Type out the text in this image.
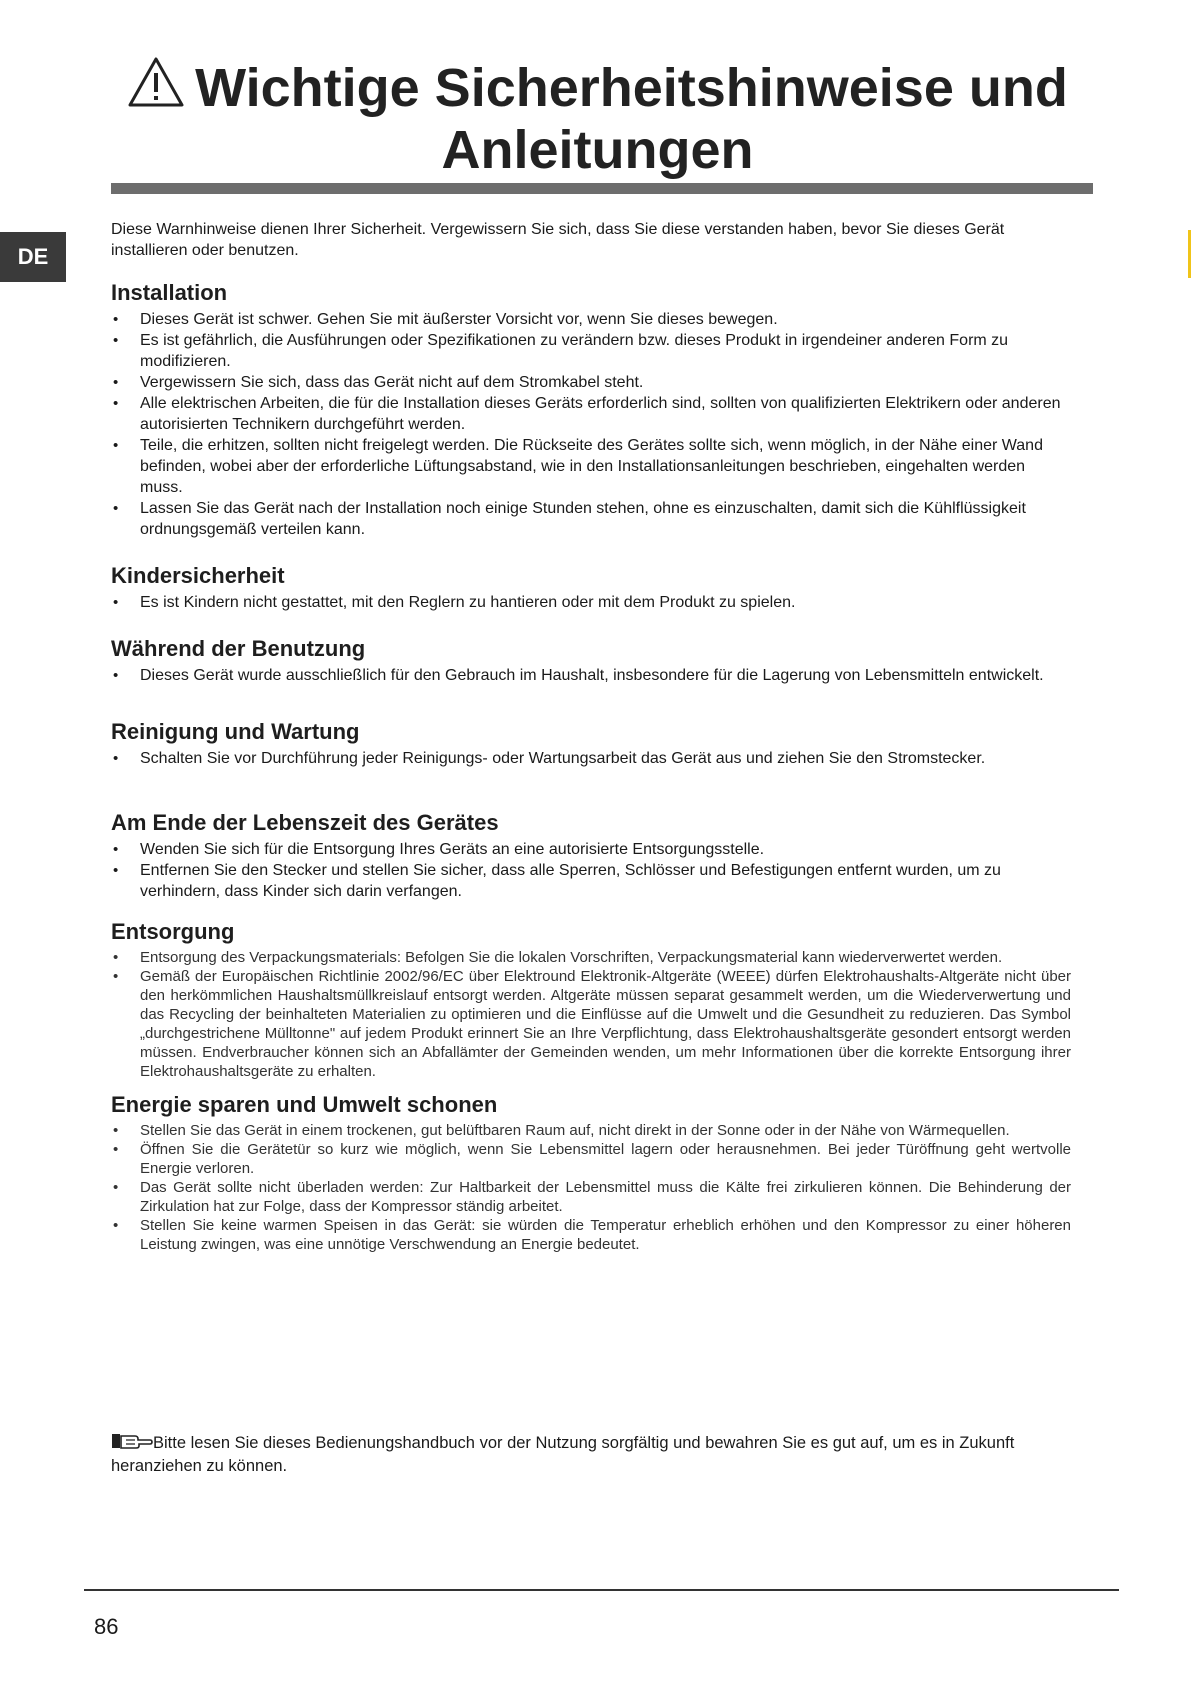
Wichtige Sicherheitshinweise und
Anleitungen
DE

Diese Warnhinweise dienen Ihrer Sicherheit. Vergewissern Sie sich, dass Sie diese verstanden haben, bevor Sie dieses Gerät installieren oder benutzen.

Installation
• Dieses Gerät ist schwer. Gehen Sie mit äußerster Vorsicht vor, wenn Sie dieses bewegen.
• Es ist gefährlich, die Ausführungen oder Spezifikationen zu verändern bzw. dieses Produkt in irgendeiner anderen Form zu modifizieren.
• Vergewissern Sie sich, dass das Gerät nicht auf dem Stromkabel steht.
• Alle elektrischen Arbeiten, die für die Installation dieses Geräts erforderlich sind, sollten von qualifizierten Elektrikern oder anderen autorisierten Technikern durchgeführt werden.
• Teile, die erhitzen, sollten nicht freigelegt werden. Die Rückseite des Gerätes sollte sich, wenn möglich, in der Nähe einer Wand befinden, wobei aber der erforderliche Lüftungsabstand, wie in den Installationsanleitungen beschrieben, eingehalten werden muss.
• Lassen Sie das Gerät nach der Installation noch einige Stunden stehen, ohne es einzuschalten, damit sich die Kühlflüssigkeit ordnungsgemäß verteilen kann.
Kindersicherheit
• Es ist Kindern nicht gestattet, mit den Reglern zu hantieren oder mit dem Produkt zu spielen.
Während der Benutzung
• Dieses Gerät wurde ausschließlich für den Gebrauch im Haushalt, insbesondere für die Lagerung von Lebensmitteln entwickelt.
Reinigung und Wartung
• Schalten Sie vor Durchführung jeder Reinigungs- oder Wartungsarbeit das Gerät aus und ziehen Sie den Stromstecker.
Am Ende der Lebenszeit des Gerätes
• Wenden Sie sich für die Entsorgung Ihres Geräts an eine autorisierte Entsorgungsstelle.
• Entfernen Sie den Stecker und stellen Sie sicher, dass alle Sperren, Schlösser und Befestigungen entfernt wurden, um zu verhindern, dass Kinder sich darin verfangen.
Entsorgung
• Entsorgung des Verpackungsmaterials: Befolgen Sie die lokalen Vorschriften, Verpackungsmaterial kann wiederverwertet werden.
• Gemäß der Europäischen Richtlinie 2002/96/EC über Elektround Elektronik-Altgeräte (WEEE) dürfen Elektrohaushalts-Altgeräte nicht über den herkömmlichen Haushaltsmüllkreislauf entsorgt werden. Altgeräte müssen separat gesammelt werden, um die Wiederverwertung und das Recycling der beinhalteten Materialien zu optimieren und die Einflüsse auf die Umwelt und die Gesundheit zu reduzieren. Das Symbol „durchgestrichene Mülltonne" auf jedem Produkt erinnert Sie an Ihre Verpflichtung, dass Elektrohaushaltsgeräte gesondert entsorgt werden müssen. Endverbraucher können sich an Abfallämter der Gemeinden wenden, um mehr Informationen über die korrekte Entsorgung ihrer Elektrohaushaltsgeräte zu erhalten.
Energie sparen und Umwelt schonen
• Stellen Sie das Gerät in einem trockenen, gut belüftbaren Raum auf, nicht direkt in der Sonne oder in der Nähe von Wärmequellen.
• Öffnen Sie die Gerätetür so kurz wie möglich, wenn Sie Lebensmittel lagern oder herausnehmen. Bei jeder Türöffnung geht wertvolle Energie verloren.
• Das Gerät sollte nicht überladen werden: Zur Haltbarkeit der Lebensmittel muss die Kälte frei zirkulieren können. Die Behinderung der Zirkulation hat zur Folge, dass der Kompressor ständig arbeitet.
• Stellen Sie keine warmen Speisen in das Gerät: sie würden die Temperatur erheblich erhöhen und den Kompressor zu einer höheren Leistung zwingen, was eine unnötige Verschwendung an Energie bedeutet.
Bitte lesen Sie dieses Bedienungshandbuch vor der Nutzung sorgfältig und bewahren Sie es gut auf, um es in Zukunft heranziehen zu können.
86
